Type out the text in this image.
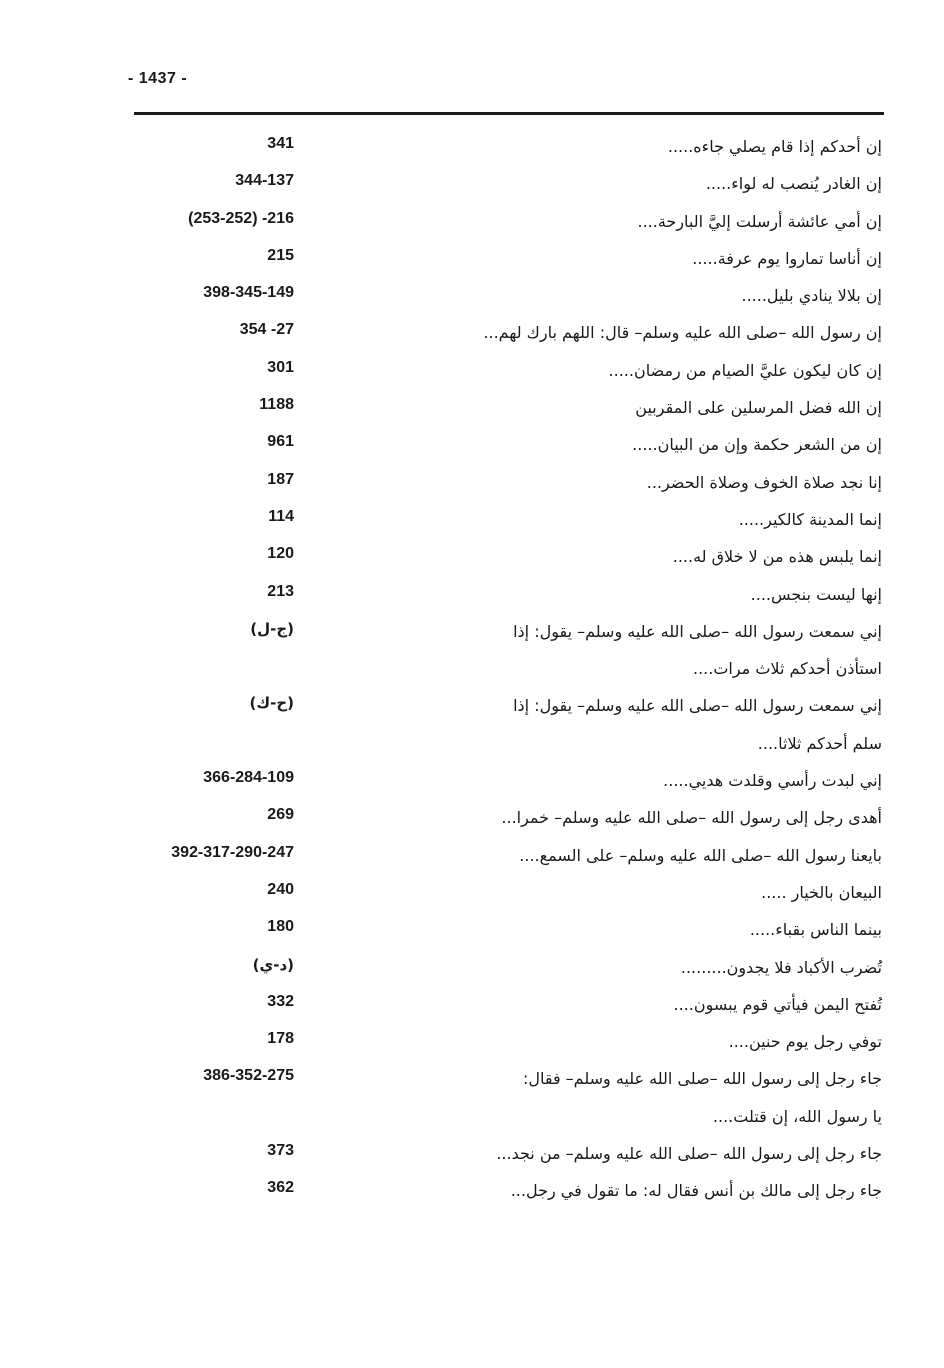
- 1437 -
إن أحدكم إذا قام يصلي جاءه.....
341
إن الغادر يُنصب له لواء.....
344-137
إن أمي عائشة أرسلت إليَّ البارحة....
(253-252) -216
إن أناسا تماروا يوم عرفة.....
215
إن بلالا ينادي بليل.....
398-345-149
إن رسول الله –صلى الله عليه وسلم– قال: اللهم بارك لهم...
354 -27
إن كان ليكون عليَّ الصيام من رمضان.....
301
إن الله فضل المرسلين على المقربين
1188
إن من الشعر حكمة وإن من البيان.....
961
إنا نجد صلاة الخوف وصلاة الحضر...
187
إنما المدينة كالكير.....
114
إنما يلبس هذه من لا خلاق له....
120
إنها ليست بنجس....
213
إني سمعت رسول الله –صلى الله عليه وسلم– يقول: إذا
(ج-ل)
استأذن أحدكم ثلاث مرات....
إني سمعت رسول الله –صلى الله عليه وسلم– يقول: إذا
(ح-ك)
سلم أحدكم ثلاثا....
إني لبدت رأسي وقلدت هديي.....
366-284-109
أهدى رجل إلى رسول الله –صلى الله عليه وسلم– خمرا...
269
بايعنا رسول الله –صلى الله عليه وسلم– على السمع....
392-317-290-247
البيعان بالخيار .....
240
بينما الناس بقباء.....
180
تُضرب الأكباد فلا يجدون.........
(د-ي)
تُفتح اليمن فيأتي قوم يبسون....
332
توفي رجل يوم حنين....
178
جاء رجل إلى رسول الله –صلى الله عليه وسلم– فقال:
386-352-275
يا رسول الله، إن قتلت....
جاء رجل إلى رسول الله –صلى الله عليه وسلم– من نجد...
373
جاء رجل إلى مالك بن أنس فقال له: ما تقول في رجل...
362
